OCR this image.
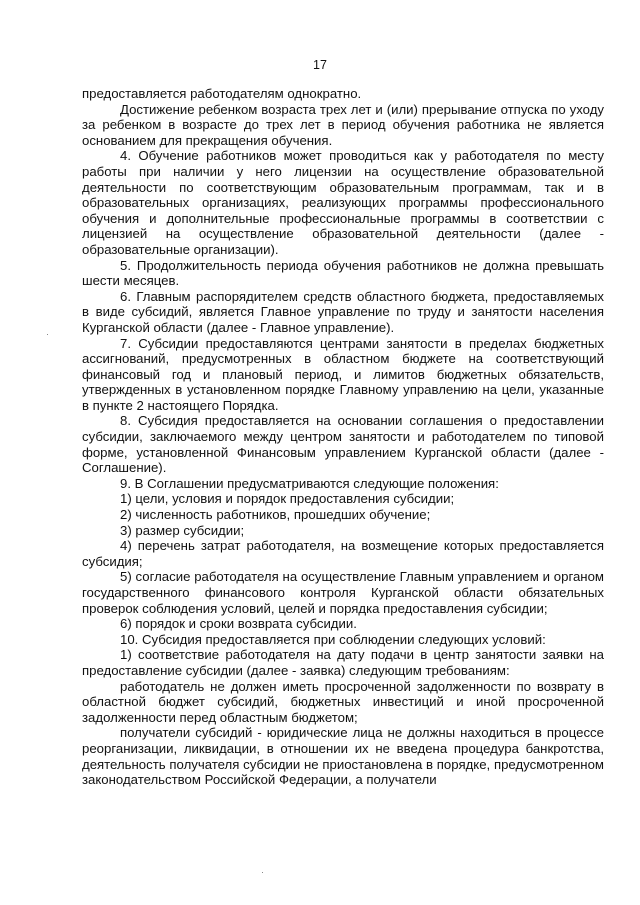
17

предоставляется работодателям однократно.

Достижение ребенком возраста трех лет и (или) прерывание отпуска по уходу за ребенком в возрасте до трех лет в период обучения работника не является основанием для прекращения обучения.

4. Обучение работников может проводиться как у работодателя по месту работы при наличии у него лицензии на осуществление образовательной деятельности по соответствующим образовательным программам, так и в образовательных организациях, реализующих программы профессионального обучения и дополнительные профессиональные программы в соответствии с лицензией на осуществление образовательной деятельности (далее - образовательные организации).

5. Продолжительность периода обучения работников не должна превышать шести месяцев.

6. Главным распорядителем средств областного бюджета, предоставляемых в виде субсидий, является Главное управление по труду и занятости населения Курганской области (далее - Главное управление).

7. Субсидии предоставляются центрами занятости в пределах бюджетных ассигнований, предусмотренных в областном бюджете на соответствующий финансовый год и плановый период, и лимитов бюджетных обязательств, утвержденных в установленном порядке Главному управлению на цели, указанные в пункте 2 настоящего Порядка.

8. Субсидия предоставляется на основании соглашения о предоставлении субсидии, заключаемого между центром занятости и работодателем по типовой форме, установленной Финансовым управлением Курганской области (далее - Соглашение).

9. В Соглашении предусматриваются следующие положения:

1) цели, условия и порядок предоставления субсидии;

2) численность работников, прошедших обучение;

3) размер субсидии;

4) перечень затрат работодателя, на возмещение которых предоставляется субсидия;

5) согласие работодателя на осуществление Главным управлением и органом государственного финансового контроля Курганской области обязательных проверок соблюдения условий, целей и порядка предоставления субсидии;

6) порядок и сроки возврата субсидии.

10. Субсидия предоставляется при соблюдении следующих условий:

1) соответствие работодателя на дату подачи в центр занятости заявки на предоставление субсидии (далее - заявка) следующим требованиям:

работодатель не должен иметь просроченной задолженности по возврату в областной бюджет субсидий, бюджетных инвестиций и иной просроченной задолженности перед областным бюджетом;

получатели субсидий - юридические лица не должны находиться в процессе реорганизации, ликвидации, в отношении их не введена процедура банкротства, деятельность получателя субсидии не приостановлена в порядке, предусмотренном законодательством Российской Федерации, а получатели
